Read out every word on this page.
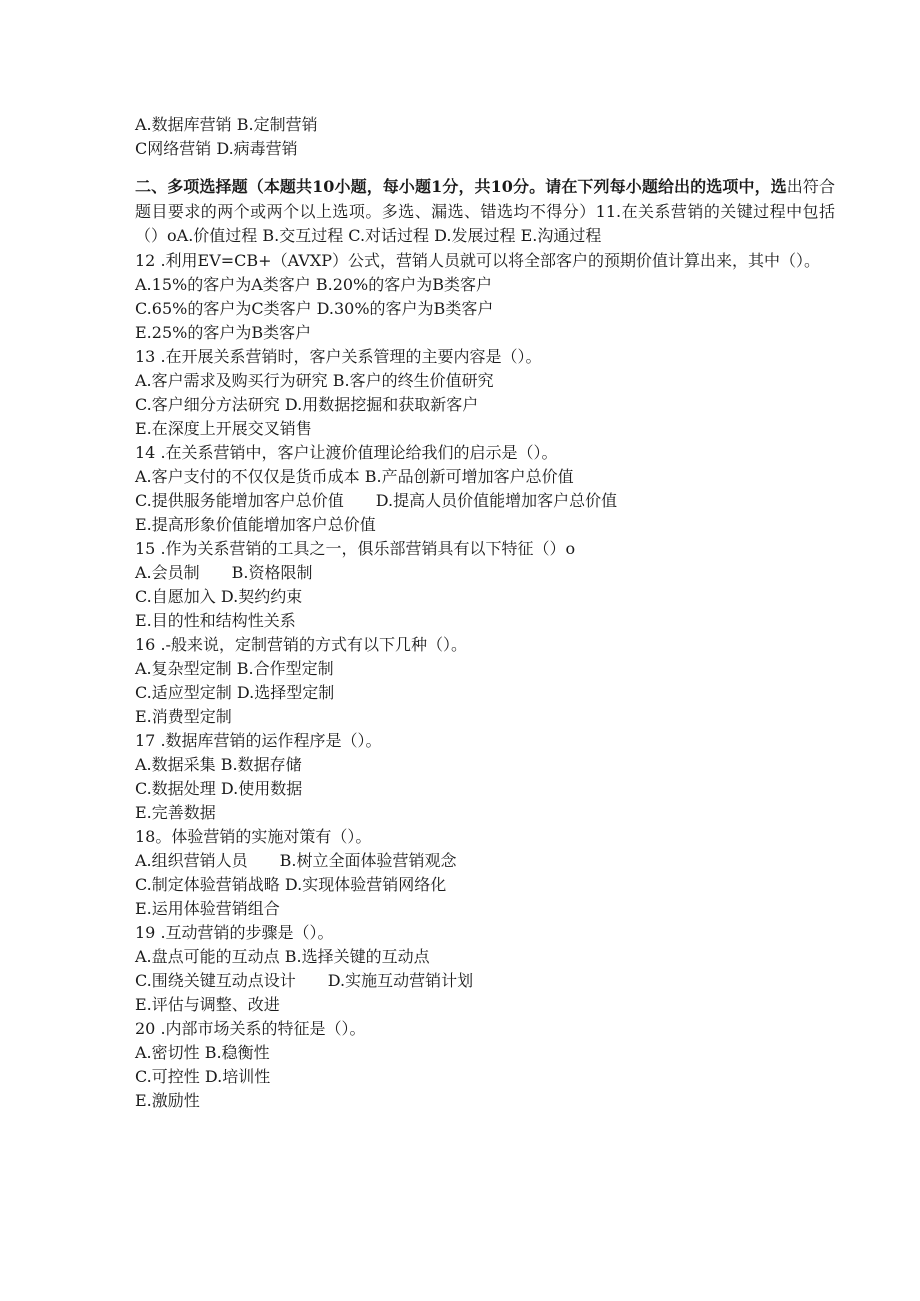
A.数据库营销 B.定制营销
C网络营销 D.病毒营销
二、多项选择题（本题共10小题，每小题1分，共10分。请在下列每小题给出的选项中，选出符合题目要求的两个或两个以上选项。多选、漏选、错选均不得分）11.在关系营销的关键过程中包括（）oA.价值过程 B.交互过程 C.对话过程 D.发展过程 E.沟通过程
12 .利用EV=CB+（AVXP）公式，营销人员就可以将全部客户的预期价值计算出来，其中（）。
A.15%的客户为A类客户 B.20%的客户为B类客户
C.65%的客户为C类客户 D.30%的客户为B类客户
E.25%的客户为B类客户
13 .在开展关系营销时，客户关系管理的主要内容是（）。
A.客户需求及购买行为研究 B.客户的终生价值研究
C.客户细分方法研究 D.用数据挖掘和获取新客户
E.在深度上开展交叉销售
14 .在关系营销中，客户让渡价值理论给我们的启示是（）。
A.客户支付的不仅仅是货币成本 B.产品创新可增加客户总价值
C.提供服务能增加客户总价值　　D.提高人员价值能增加客户总价值
E.提高形象价值能增加客户总价值
15 .作为关系营销的工具之一，俱乐部营销具有以下特征（）o
A.会员制　　B.资格限制
C.自愿加入 D.契约约束
E.目的性和结构性关系
16 .-般来说，定制营销的方式有以下几种（）。
A.复杂型定制 B.合作型定制
C.适应型定制 D.选择型定制
E.消费型定制
17 .数据库营销的运作程序是（）。
A.数据采集 B.数据存储
C.数据处理 D.使用数据
E.完善数据
18。体验营销的实施对策有（）。
A.组织营销人员　　B.树立全面体验营销观念
C.制定体验营销战略 D.实现体验营销网络化
E.运用体验营销组合
19 .互动营销的步骤是（）。
A.盘点可能的互动点 B.选择关键的互动点
C.围绕关键互动点设计　　D.实施互动营销计划
E.评估与调整、改进
20 .内部市场关系的特征是（）。
A.密切性 B.稳衡性
C.可控性 D.培训性
E.激励性
